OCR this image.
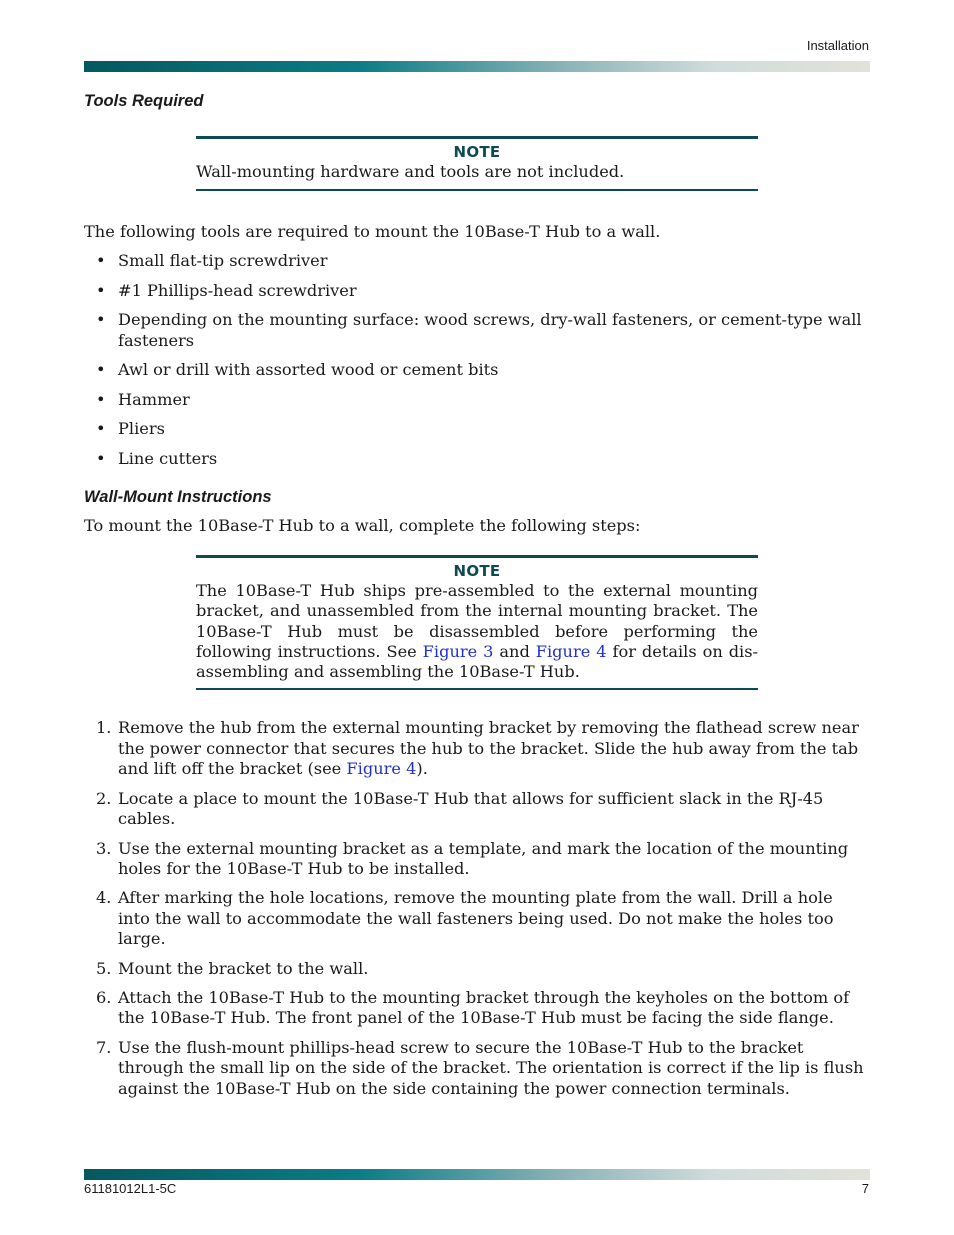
Installation
Tools Required
NOTE
Wall-mounting hardware and tools are not included.

The following tools are required to mount the 10Base-T Hub to a wall.

• Small flat-tip screwdriver
• #1 Phillips-head screwdriver
• Depending on the mounting surface: wood screws, dry-wall fasteners, or cement-type wall fasteners
• Awl or drill with assorted wood or cement bits
• Hammer
• Pliers
• Line cutters
Wall-Mount Instructions

To mount the 10Base-T Hub to a wall, complete the following steps:

NOTE
The 10Base-T Hub ships pre-assembled to the external mounting bracket, and unassembled from the internal mounting bracket. The 10Base-T Hub must be disassembled before performing the following instructions. See Figure 3 and Figure 4 for details on dis-assembling and assembling the 10Base-T Hub.
1. Remove the hub from the external mounting bracket by removing the flathead screw near the power connector that secures the hub to the bracket. Slide the hub away from the tab and lift off the bracket (see Figure 4).
2. Locate a place to mount the 10Base-T Hub that allows for sufficient slack in the RJ-45 cables.
3. Use the external mounting bracket as a template, and mark the location of the mounting holes for the 10Base-T Hub to be installed.
4. After marking the hole locations, remove the mounting plate from the wall. Drill a hole into the wall to accommodate the wall fasteners being used. Do not make the holes too large.
5. Mount the bracket to the wall.
6. Attach the 10Base-T Hub to the mounting bracket through the keyholes on the bottom of the 10Base-T Hub. The front panel of the 10Base-T Hub must be facing the side flange.
7. Use the flush-mount phillips-head screw to secure the 10Base-T Hub to the bracket through the small lip on the side of the bracket. The orientation is correct if the lip is flush against the 10Base-T Hub on the side containing the power connection terminals.
61181012L1-5C	7
